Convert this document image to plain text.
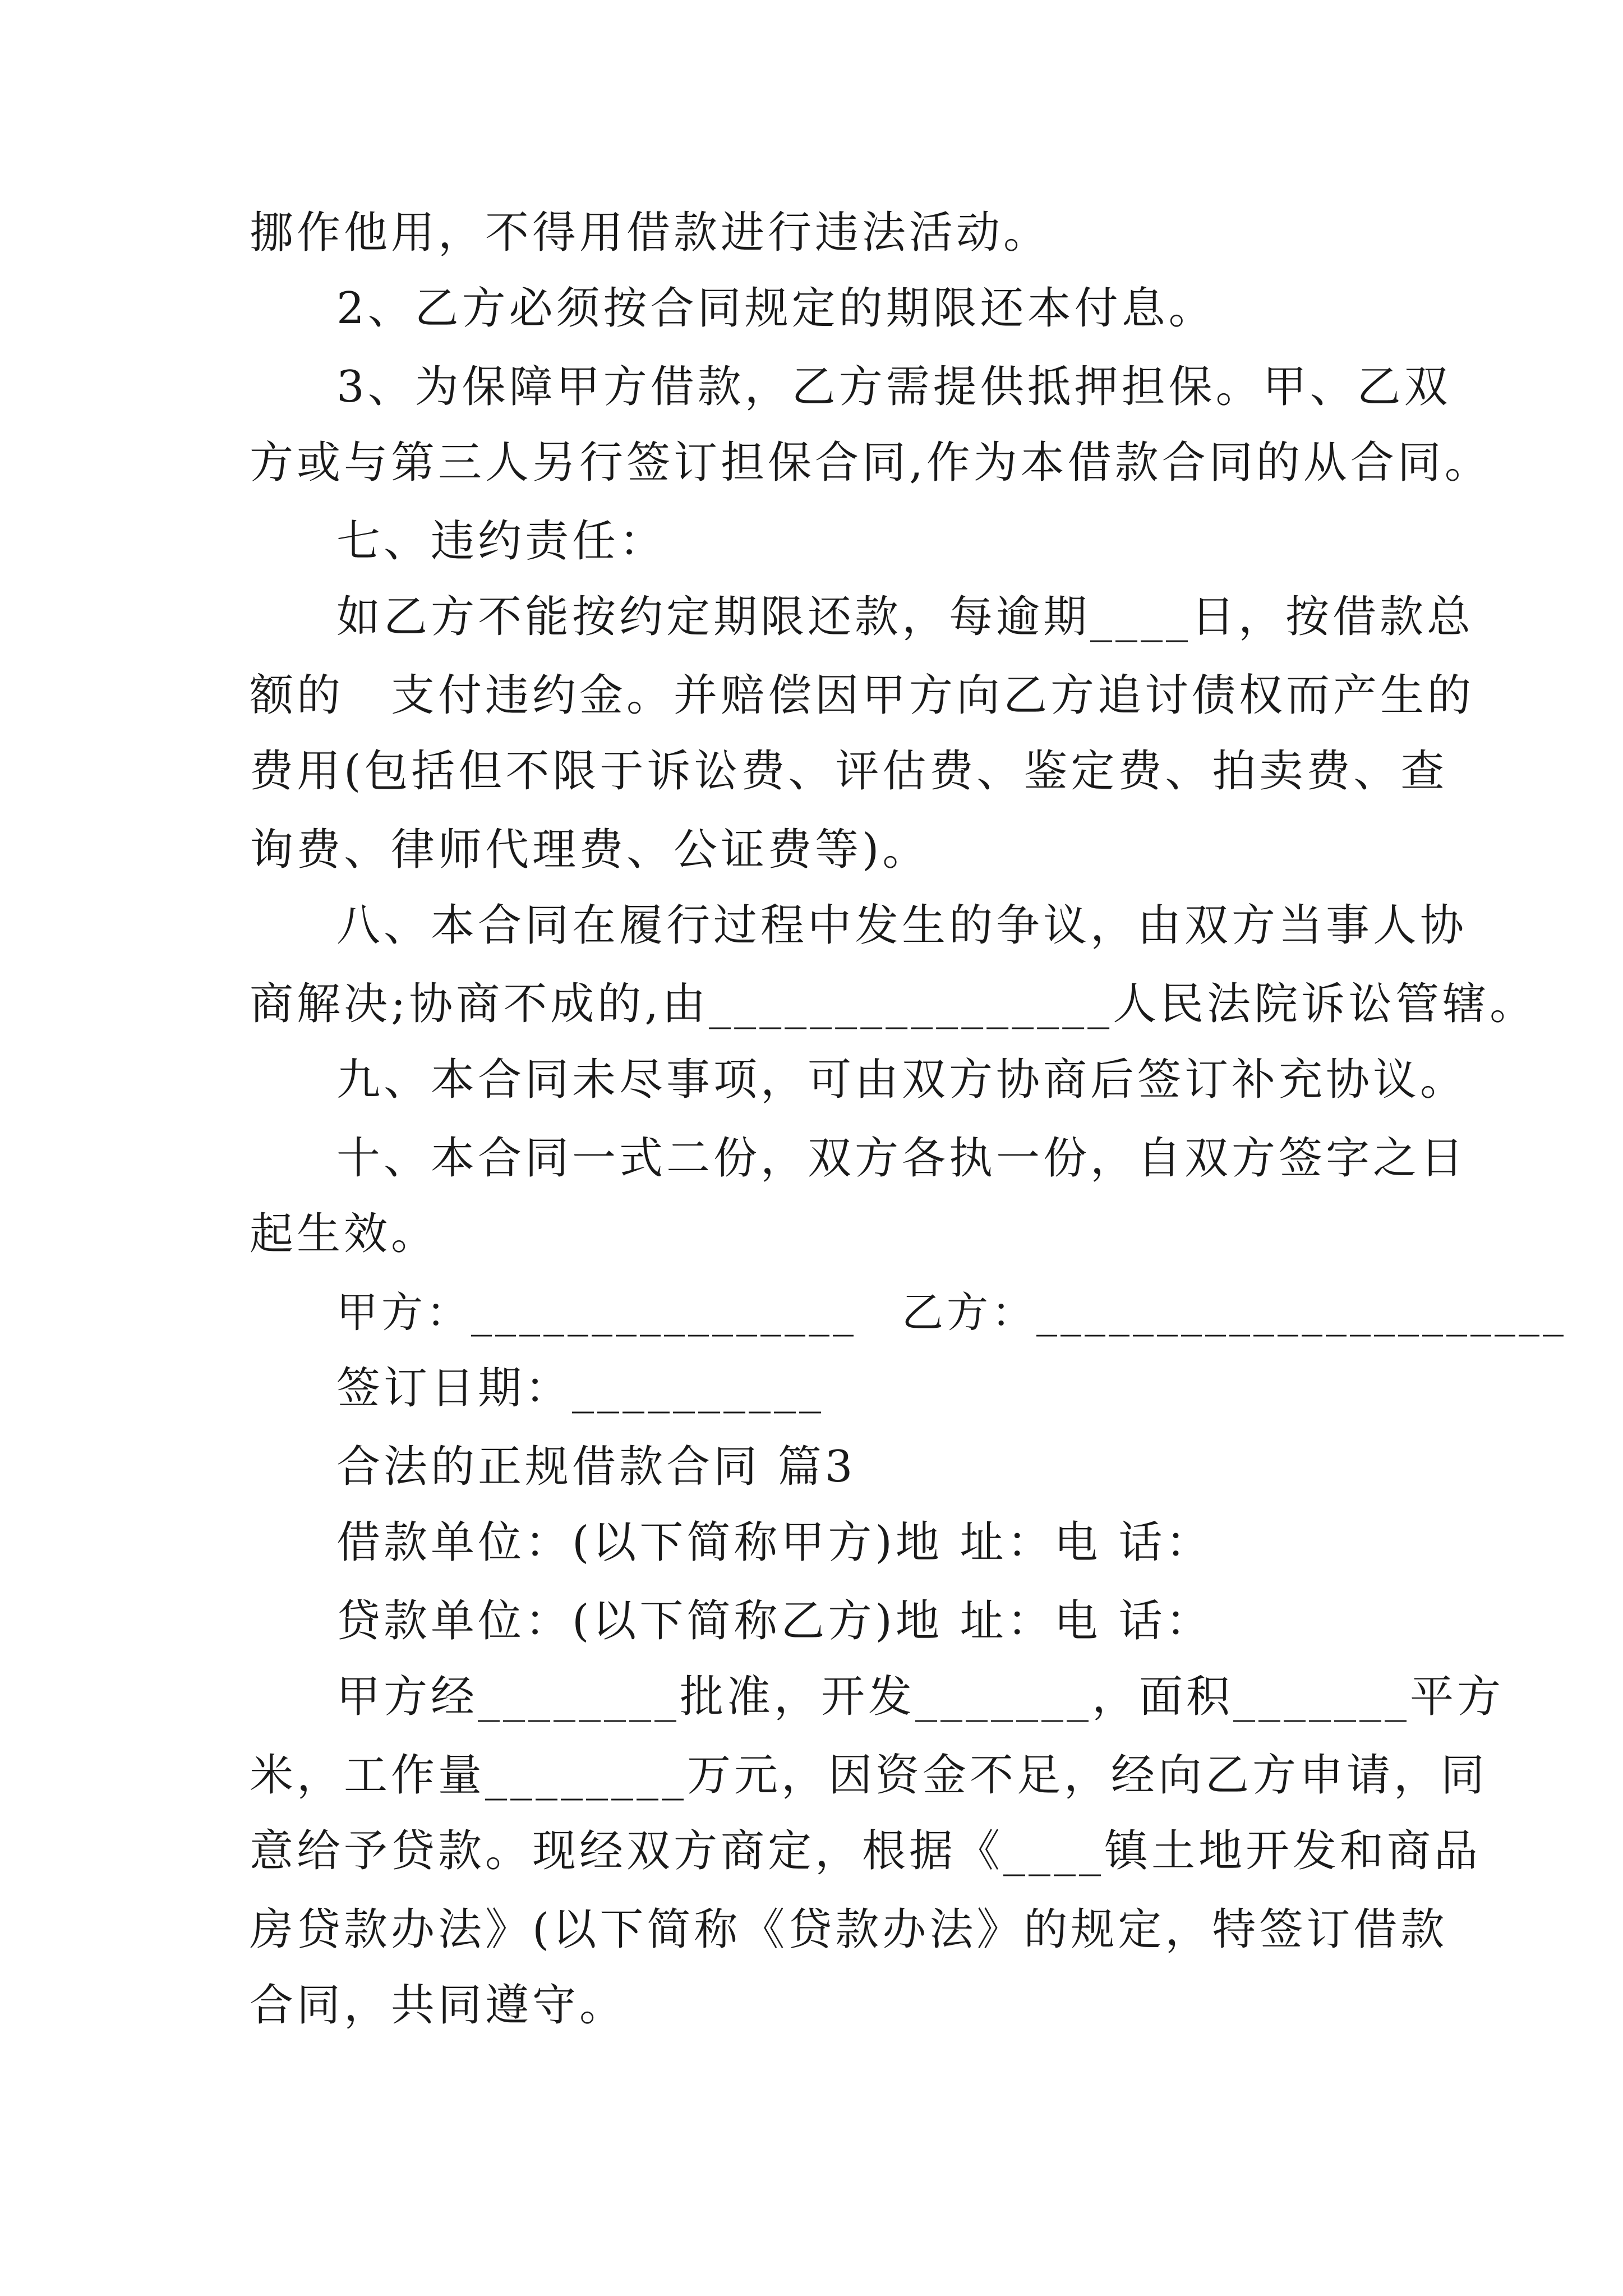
挪作他用，不得用借款进行违法活动。
2、乙方必须按合同规定的期限还本付息。
3、为保障甲方借款，乙方需提供抵押担保。甲、乙双
方或与第三人另行签订担保合同,作为本借款合同的从合同。
七、违约责任：
如乙方不能按约定期限还款，每逾期____日，按借款总
额的　支付违约金。并赔偿因甲方向乙方追讨债权而产生的
费用(包括但不限于诉讼费、评估费、鉴定费、拍卖费、查
询费、律师代理费、公证费等)。
八、本合同在履行过程中发生的争议，由双方当事人协
商解决;协商不成的,由________________人民法院诉讼管辖。
九、本合同未尽事项，可由双方协商后签订补充协议。
十、本合同一式二份，双方各执一份，自双方签字之日
起生效。
甲方：________________　乙方：______________________
签订日期：__________
合法的正规借款合同 篇3
借款单位：(以下简称甲方)地 址：电 话：
贷款单位：(以下简称乙方)地 址：电 话：
甲方经________批准，开发_______，面积_______平方
米，工作量________万元，因资金不足，经向乙方申请，同
意给予贷款。现经双方商定，根据《____镇土地开发和商品
房贷款办法》(以下简称《贷款办法》的规定，特签订借款
合同，共同遵守。
